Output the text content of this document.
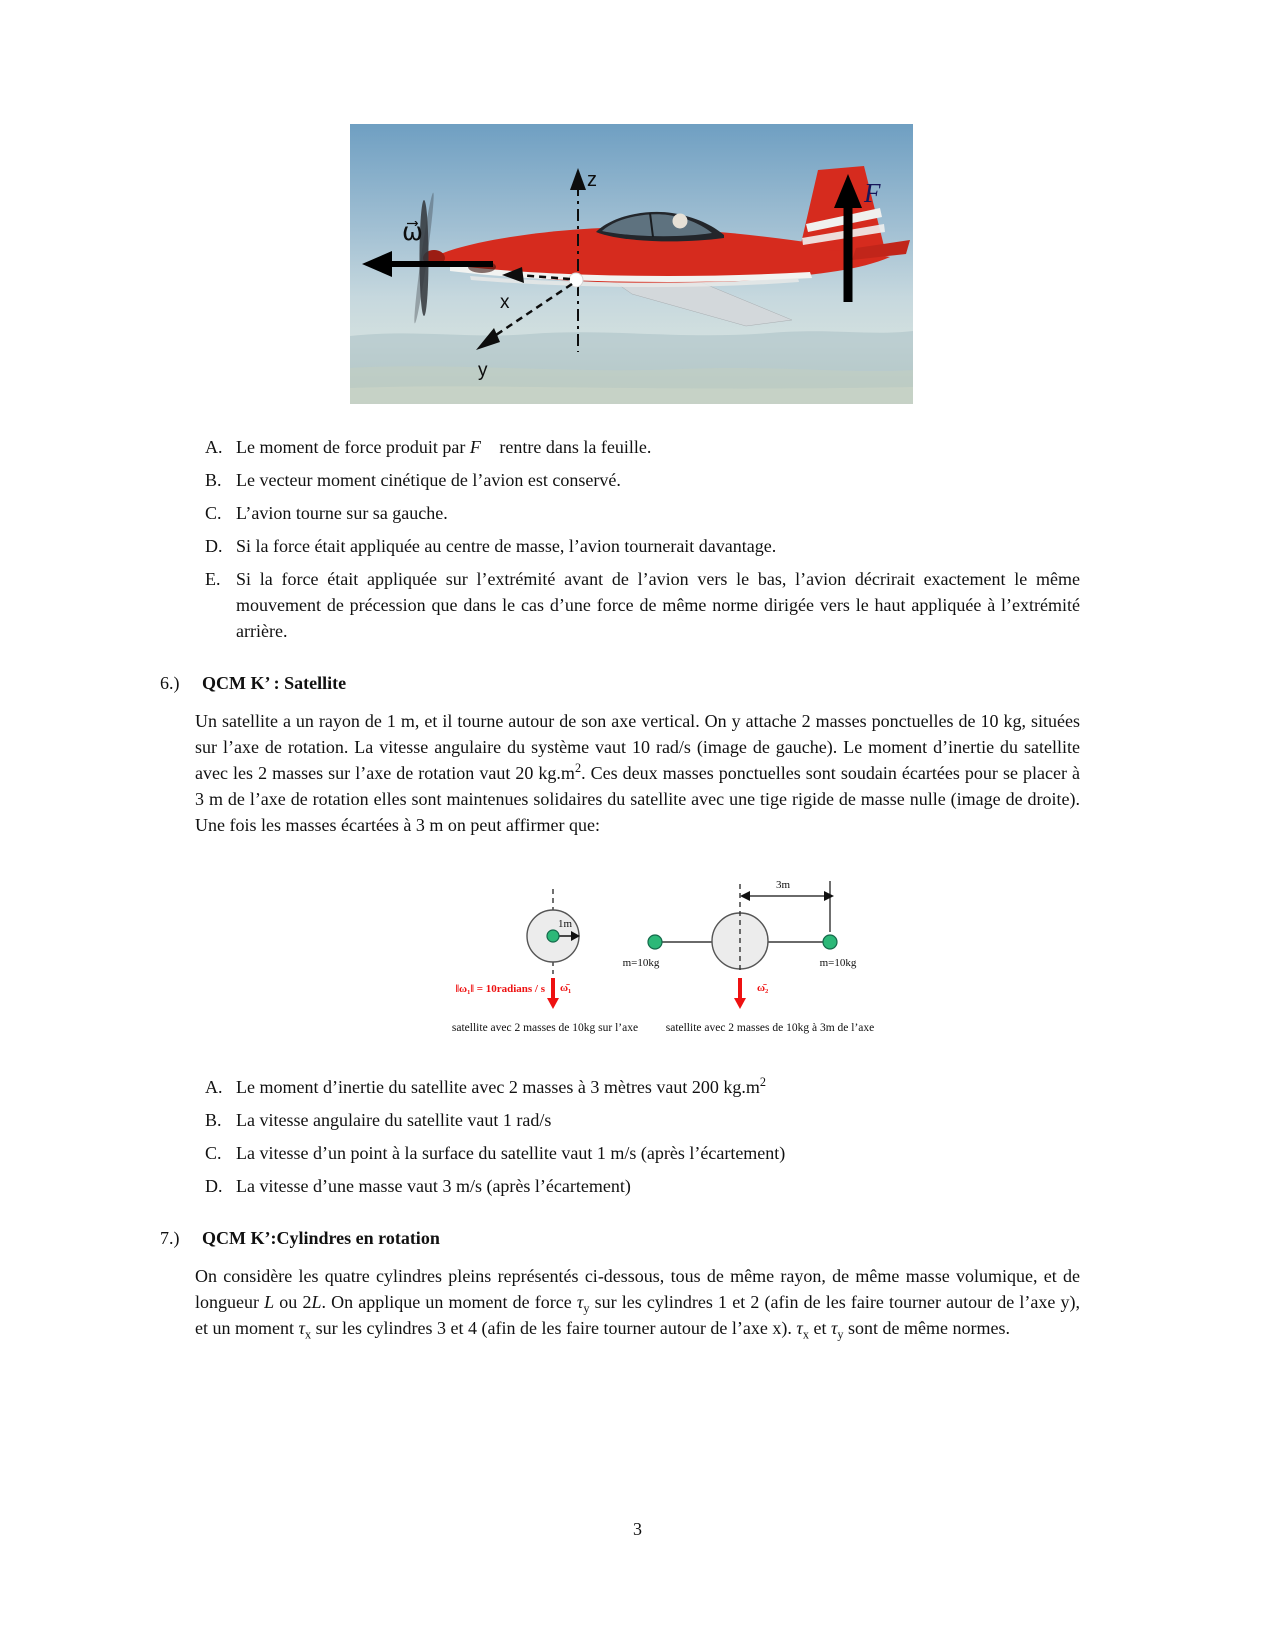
z
x
y
ω⃗
F⃗
A. Le moment de force produit par F⃗ rentre dans la feuille.
B. Le vecteur moment cinétique de l’avion est conservé.
C. L’avion tourne sur sa gauche.
D. Si la force était appliquée au centre de masse, l’avion tournerait davantage.
E. Si la force était appliquée sur l’extrémité avant de l’avion vers le bas, l’avion décrirait exactement le même mouvement de précession que dans le cas d’une force de même norme dirigée vers le haut appliquée à l’extrémité arrière.
6.)	QCM K’ : Satellite
Un satellite a un rayon de 1 m, et il tourne autour de son axe vertical. On y attache 2 masses ponctuelles de 10 kg, situées sur l’axe de rotation. La vitesse angulaire du système vaut 10 rad/s (image de gauche). Le moment d’inertie du satellite avec les 2 masses sur l’axe de rotation vaut 20 $kg.m^2$. Ces deux masses ponctuelles sont soudain écartées pour se placer à 3 m de l’axe de rotation elles sont maintenues solidaires du satellite avec une tige rigide de masse nulle (image de droite). Une fois les masses écartées à 3 m on peut affirmer que:
1m
‖ω₁‖ = 10radians / s ω̄₁
3m
m=10kg	m=10kg
ω̄₂
satellite avec 2 masses de 10kg sur l’axe satellite avec 2 masses de 10kg à 3m de l’axe
A. Le moment d’inertie du satellite avec 2 masses à 3 mètres vaut 200 $kg.m^2$
B. La vitesse angulaire du satellite vaut 1 rad/s
C. La vitesse d’un point à la surface du satellite vaut 1 m/s (après l’écartement)
D. La vitesse d’une masse vaut 3 m/s (après l’écartement)
7.)	QCM K’:Cylindres en rotation
On considère les quatre cylindres pleins représentés ci-dessous, tous de même rayon, de même masse volumique, et de longueur L ou 2L. On applique un moment de force $\tau_y$ sur les cylindres 1 et 2 (afin de les faire tourner autour de l’axe y), et un moment $\tau_x$ sur les cylindres 3 et 4 (afin de les faire tourner autour de l’axe x). $\tau_x$ et $\tau_y$ sont de même normes.
3
